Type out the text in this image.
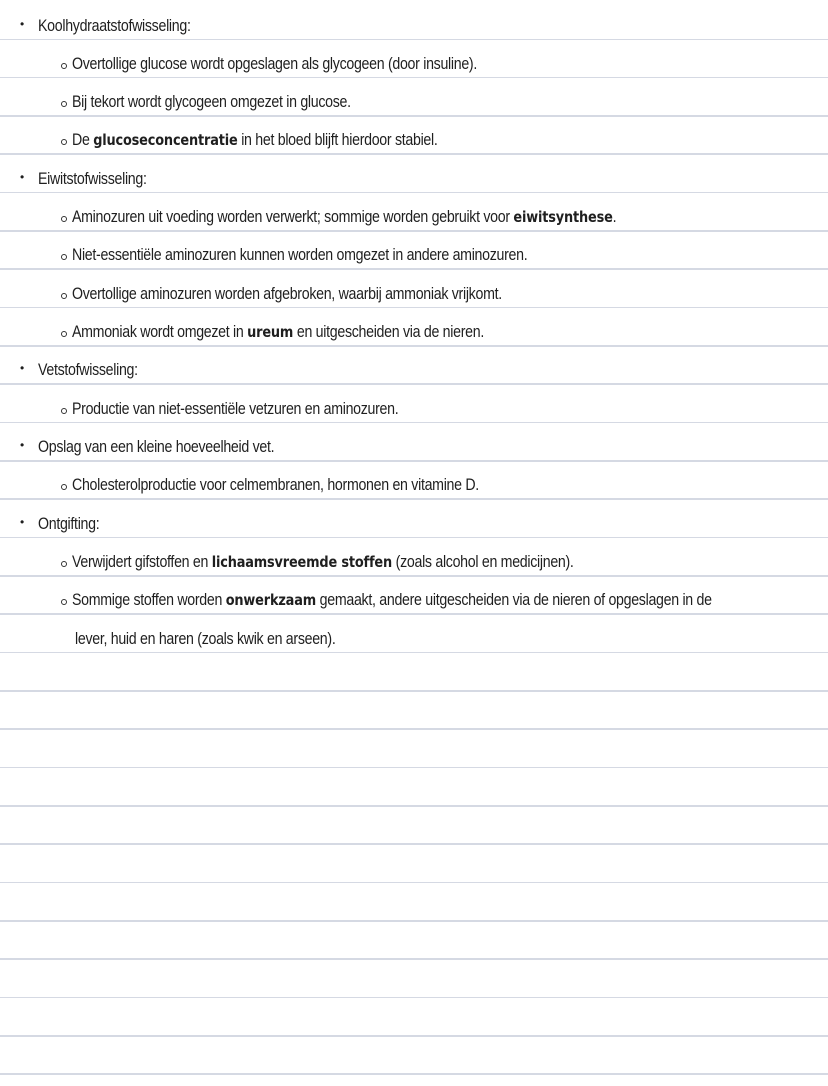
• Koolhydraatstofwisseling:
Overtollige glucose wordt opgeslagen als glycogeen (door insuline).
Bij tekort wordt glycogeen omgezet in glucose.
De glucoseconcentratie in het bloed blijft hierdoor stabiel.
• Eiwitstofwisseling:
Aminozuren uit voeding worden verwerkt; sommige worden gebruikt voor eiwitsynthese.
Niet-essentiële aminozuren kunnen worden omgezet in andere aminozuren.
Overtollige aminozuren worden afgebroken, waarbij ammoniak vrijkomt.
Ammoniak wordt omgezet in ureum en uitgescheiden via de nieren.
• Vetstofwisseling:
Productie van niet-essentiële vetzuren en aminozuren.
• Opslag van een kleine hoeveelheid vet.
Cholesterolproductie voor celmembranen, hormonen en vitamine D.
• Ontgifting:
Verwijdert gifstoffen en lichaamsvreemde stoffen (zoals alcohol en medicijnen).
Sommige stoffen worden onwerkzaam gemaakt, andere uitgescheiden via de nieren of opgeslagen in de
lever, huid en haren (zoals kwik en arseen).
